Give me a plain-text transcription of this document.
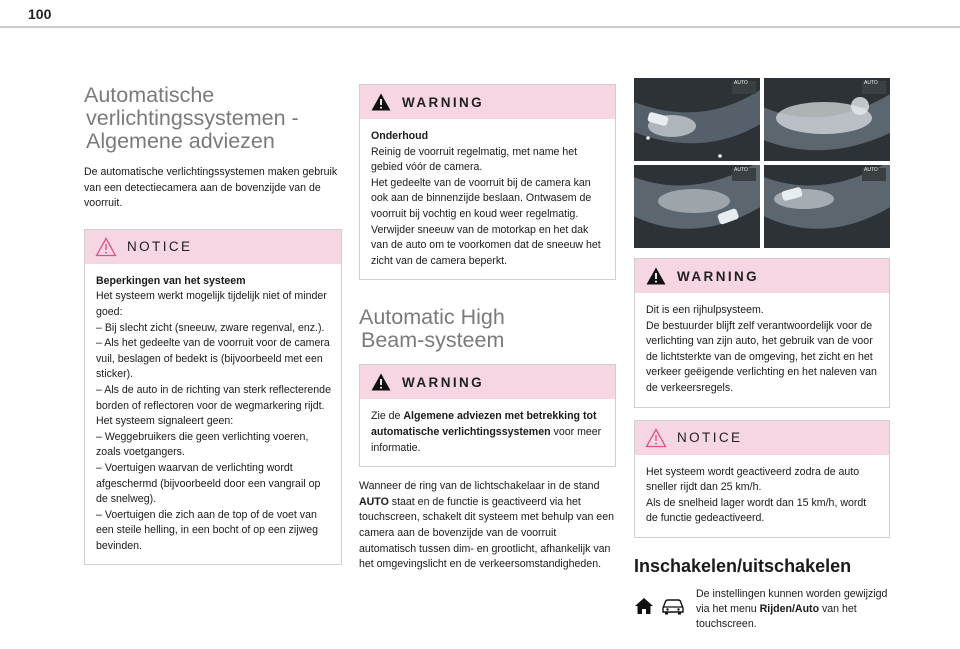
100
Automatische
verlichtingssystemen -
Algemene adviezen

De automatische verlichtingssystemen maken gebruik van een detectiecamera aan de bovenzijde van de voorruit.

NOTICE
Beperkingen van het systeem
Het systeem werkt mogelijk tijdelijk niet of minder goed:
– Bij slecht zicht (sneeuw, zware regenval, enz.).
– Als het gedeelte van de voorruit voor de camera vuil, beslagen of bedekt is (bijvoorbeeld met een sticker).
– Als de auto in de richting van sterk reflecterende borden of reflectoren voor de wegmarkering rijdt.
Het systeem signaleert geen:
– Weggebruikers die geen verlichting voeren, zoals voetgangers.
– Voertuigen waarvan de verlichting wordt afgeschermd (bijvoorbeeld door een vangrail op de snelweg).
– Voertuigen die zich aan de top of de voet van een steile helling, in een bocht of op een zijweg bevinden.
WARNING
Onderhoud
Reinig de voorruit regelmatig, met name het gebied vóór de camera.
Het gedeelte van de voorruit bij de camera kan ook aan de binnenzijde beslaan. Ontwasem de voorruit bij vochtig en koud weer regelmatig.
Verwijder sneeuw van de motorkap en het dak van de auto om te voorkomen dat de sneeuw het zicht van de camera beperkt.
Automatic High
Beam-systeem
WARNING
Zie de Algemene adviezen met betrekking tot automatische verlichtingssystemen voor meer informatie.

Wanneer de ring van de lichtschakelaar in de stand AUTO staat en de functie is geactiveerd via het touchscreen, schakelt dit systeem met behulp van een camera aan de bovenzijde van de voorruit automatisch tussen dim- en grootlicht, afhankelijk van het omgevingslicht en de verkeersomstandigheden.

AUTO	AUTO
AUTO	AUTO
WARNING
Dit is een rijhulpsysteem.
De bestuurder blijft zelf verantwoordelijk voor de verlichting van zijn auto, het gebruik van de voor de lichtsterkte van de omgeving, het zicht en het verkeer geëigende verlichting en het naleven van de verkeersregels.
NOTICE
Het systeem wordt geactiveerd zodra de auto sneller rijdt dan 25 km/h.
Als de snelheid lager wordt dan 15 km/h, wordt de functie gedeactiveerd.
Inschakelen/uitschakelen
De instellingen kunnen worden gewijzigd via het menu Rijden/Auto van het touchscreen.
